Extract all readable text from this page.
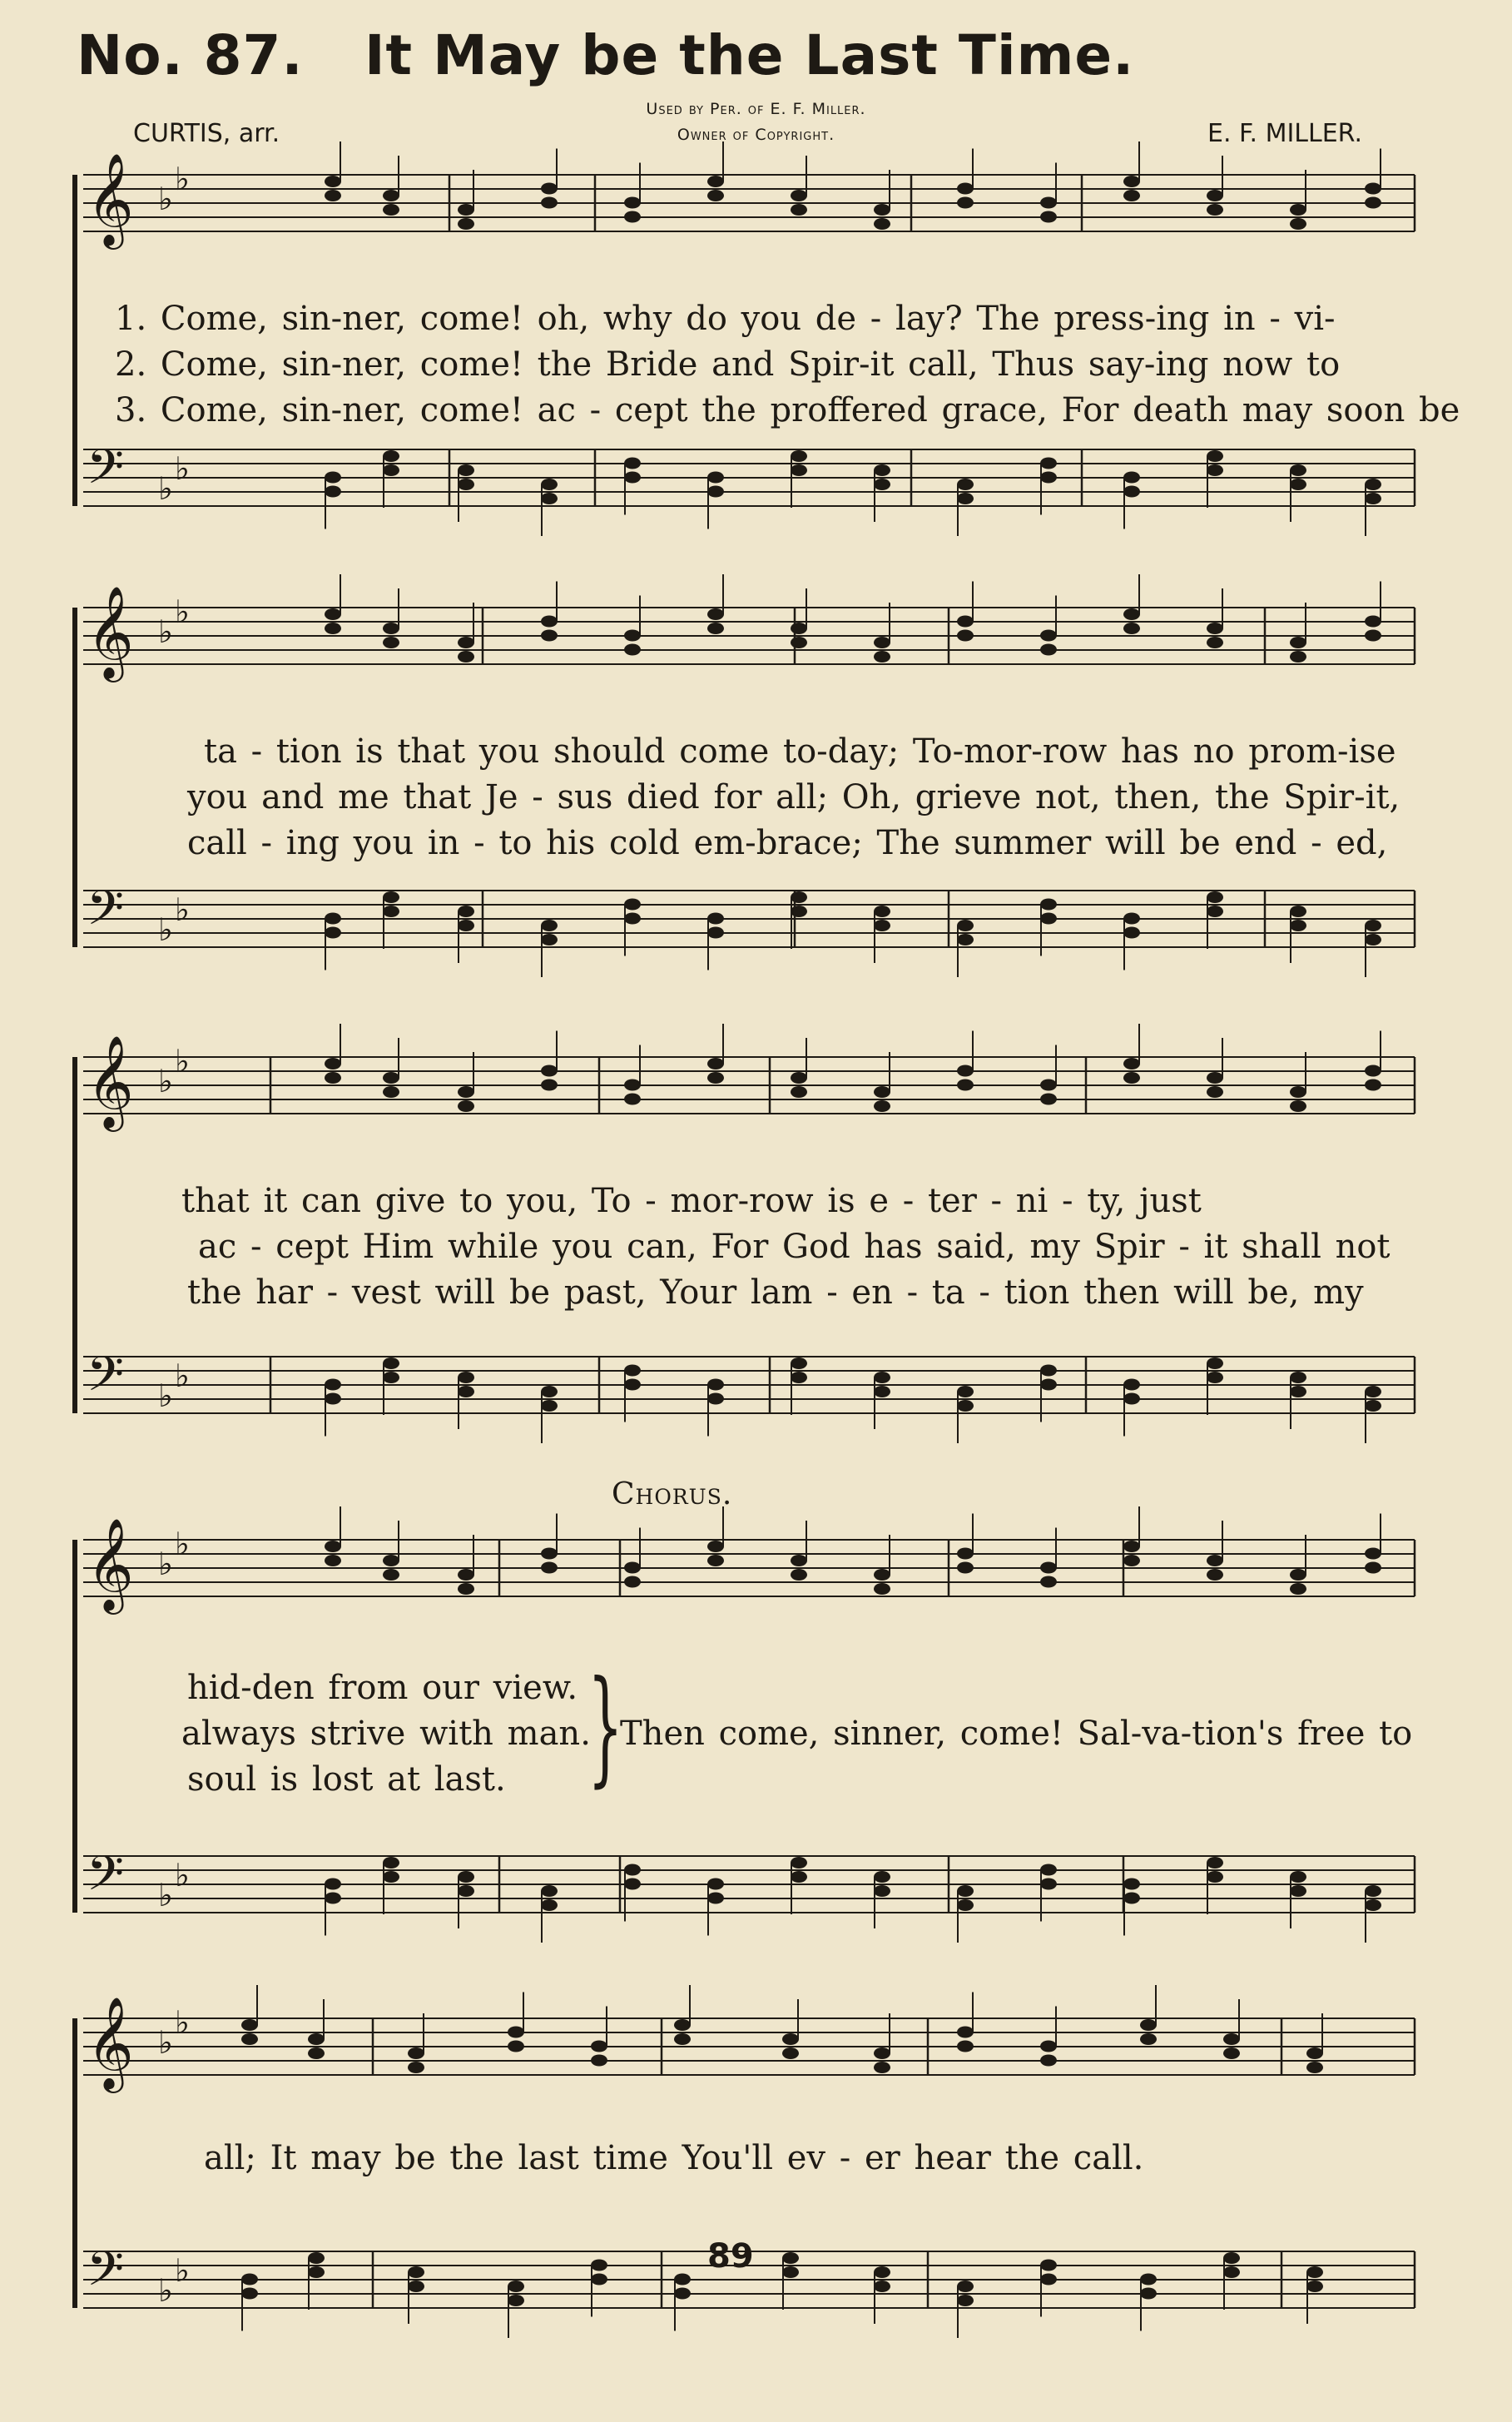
No. 87. It May be the Last Time.
Used by Per. of E. F. Miller.
Owner of Copyright.
CURTIS, arr.	E. F. MILLER.
𝄞 ♭
♭
𝄢 ♭
♭
1. Come, sin-ner, come! oh, why do you de - lay? The press-ing in - vi-
2. Come, sin-ner, come! the Bride and Spir-it call, Thus say-ing now to
3. Come, sin-ner, come! ac - cept the proffered grace, For death may soon be
𝄞 ♭
♭
𝄢 ♭
♭
ta - tion is that you should come to-day; To-mor-row has no prom-ise
you and me that Je - sus died for all; Oh, grieve not, then, the Spir-it,
call - ing you in - to his cold em-brace; The summer will be end - ed,
𝄞 ♭
♭
𝄢 ♭
♭
that it can give to you, To - mor-row is e - ter - ni - ty, just
ac - cept Him while you can, For God has said, my Spir - it shall not
the har - vest will be past, Your lam - en - ta - tion then will be, my
Chorus.
𝄞 ♭
♭
𝄢 ♭
♭
hid-den from our view.
always strive with man.
soul is lost at last. }
Then come, sinner, come! Sal-va-tion's free to
𝄞 ♭
♭
𝄢 ♭
♭
all; It may be the last time You'll ev - er hear the call.
89
